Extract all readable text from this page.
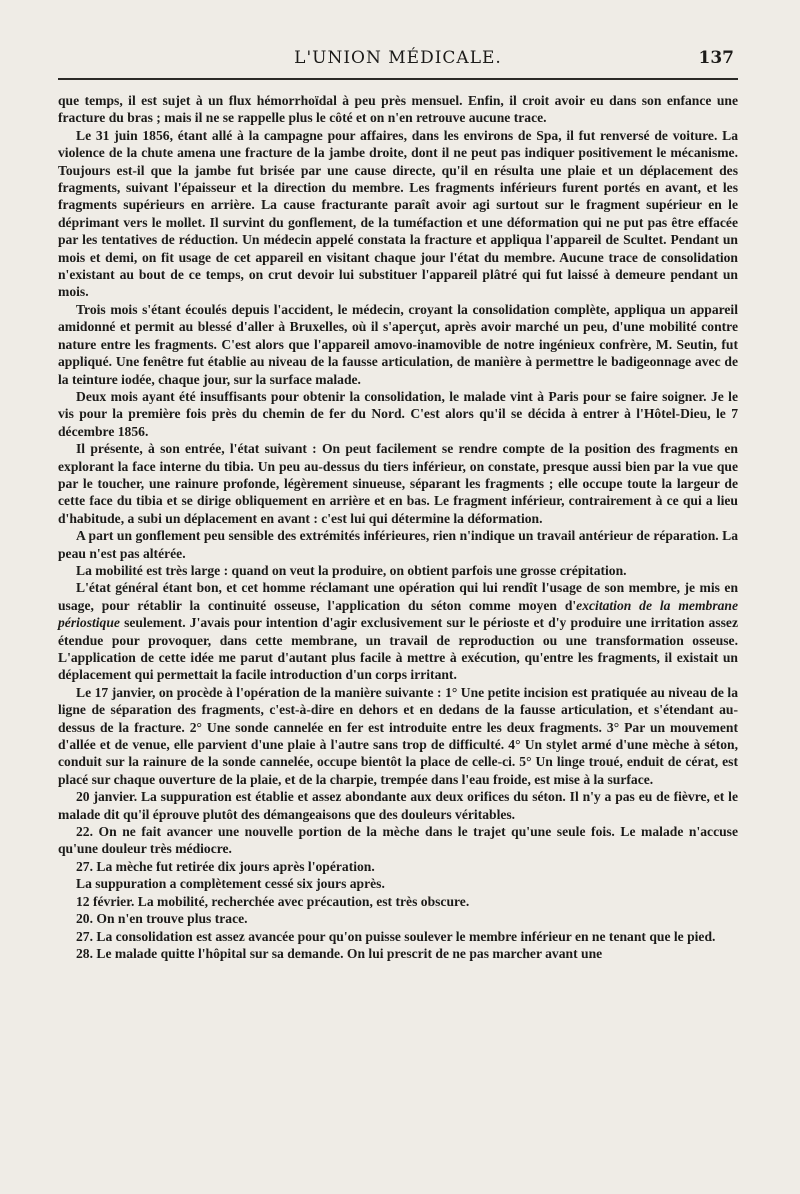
L'UNION MÉDICALE.	137

que temps, il est sujet à un flux hémorrhoïdal à peu près mensuel. Enfin, il croit avoir eu dans son enfance une fracture du bras ; mais il ne se rappelle plus le côté et on n'en retrouve aucune trace.

Le 31 juin 1856, étant allé à la campagne pour affaires, dans les environs de Spa, il fut renversé de voiture. La violence de la chute amena une fracture de la jambe droite, dont il ne peut pas indiquer positivement le mécanisme. Toujours est-il que la jambe fut brisée par une cause directe, qu'il en résulta une plaie et un déplacement des fragments, suivant l'épaisseur et la direction du membre. Les fragments inférieurs furent portés en avant, et les fragments supérieurs en arrière. La cause fracturante paraît avoir agi surtout sur le fragment supérieur en le déprimant vers le mollet. Il survint du gonflement, de la tuméfaction et une déformation qui ne put pas être effacée par les tentatives de réduction. Un médecin appelé constata la fracture et appliqua l'appareil de Scultet. Pendant un mois et demi, on fit usage de cet appareil en visitant chaque jour l'état du membre. Aucune trace de consolidation n'existant au bout de ce temps, on crut devoir lui substituer l'appareil plâtré qui fut laissé à demeure pendant un mois.

Trois mois s'étant écoulés depuis l'accident, le médecin, croyant la consolidation complète, appliqua un appareil amidonné et permit au blessé d'aller à Bruxelles, où il s'aperçut, après avoir marché un peu, d'une mobilité contre nature entre les fragments. C'est alors que l'appareil amovo-inamovible de notre ingénieux confrère, M. Seutin, fut appliqué. Une fenêtre fut établie au niveau de la fausse articulation, de manière à permettre le badigeonnage avec de la teinture iodée, chaque jour, sur la surface malade.

Deux mois ayant été insuffisants pour obtenir la consolidation, le malade vint à Paris pour se faire soigner. Je le vis pour la première fois près du chemin de fer du Nord. C'est alors qu'il se décida à entrer à l'Hôtel-Dieu, le 7 décembre 1856.

Il présente, à son entrée, l'état suivant : On peut facilement se rendre compte de la position des fragments en explorant la face interne du tibia. Un peu au-dessus du tiers inférieur, on constate, presque aussi bien par la vue que par le toucher, une rainure profonde, légèrement sinueuse, séparant les fragments ; elle occupe toute la largeur de cette face du tibia et se dirige obliquement en arrière et en bas. Le fragment inférieur, contrairement à ce qui a lieu d'habitude, a subi un déplacement en avant : c'est lui qui détermine la déformation.

A part un gonflement peu sensible des extrémités inférieures, rien n'indique un travail antérieur de réparation. La peau n'est pas altérée.

La mobilité est très large : quand on veut la produire, on obtient parfois une grosse crépitation.

L'état général étant bon, et cet homme réclamant une opération qui lui rendît l'usage de son membre, je mis en usage, pour rétablir la continuité osseuse, l'application du séton comme moyen d'excitation de la membrane périostique seulement. J'avais pour intention d'agir exclusivement sur le périoste et d'y produire une irritation assez étendue pour provoquer, dans cette membrane, un travail de reproduction ou une transformation osseuse. L'application de cette idée me parut d'autant plus facile à mettre à exécution, qu'entre les fragments, il existait un déplacement qui permettait la facile introduction d'un corps irritant.

Le 17 janvier, on procède à l'opération de la manière suivante : 1° Une petite incision est pratiquée au niveau de la ligne de séparation des fragments, c'est-à-dire en dehors et en dedans de la fausse articulation, et s'étendant au-dessus de la fracture. 2° Une sonde cannelée en fer est introduite entre les deux fragments. 3° Par un mouvement d'allée et de venue, elle parvient d'une plaie à l'autre sans trop de difficulté. 4° Un stylet armé d'une mèche à séton, conduit sur la rainure de la sonde cannelée, occupe bientôt la place de celle-ci. 5° Un linge troué, enduit de cérat, est placé sur chaque ouverture de la plaie, et de la charpie, trempée dans l'eau froide, est mise à la surface.

20 janvier. La suppuration est établie et assez abondante aux deux orifices du séton. Il n'y a pas eu de fièvre, et le malade dit qu'il éprouve plutôt des démangeaisons que des douleurs véritables.

22. On ne fait avancer une nouvelle portion de la mèche dans le trajet qu'une seule fois. Le malade n'accuse qu'une douleur très médiocre.

27. La mèche fut retirée dix jours après l'opération.

La suppuration a complètement cessé six jours après.

12 février. La mobilité, recherchée avec précaution, est très obscure.

20. On n'en trouve plus trace.

27. La consolidation est assez avancée pour qu'on puisse soulever le membre inférieur en ne tenant que le pied.

28. Le malade quitte l'hôpital sur sa demande. On lui prescrit de ne pas marcher avant une
